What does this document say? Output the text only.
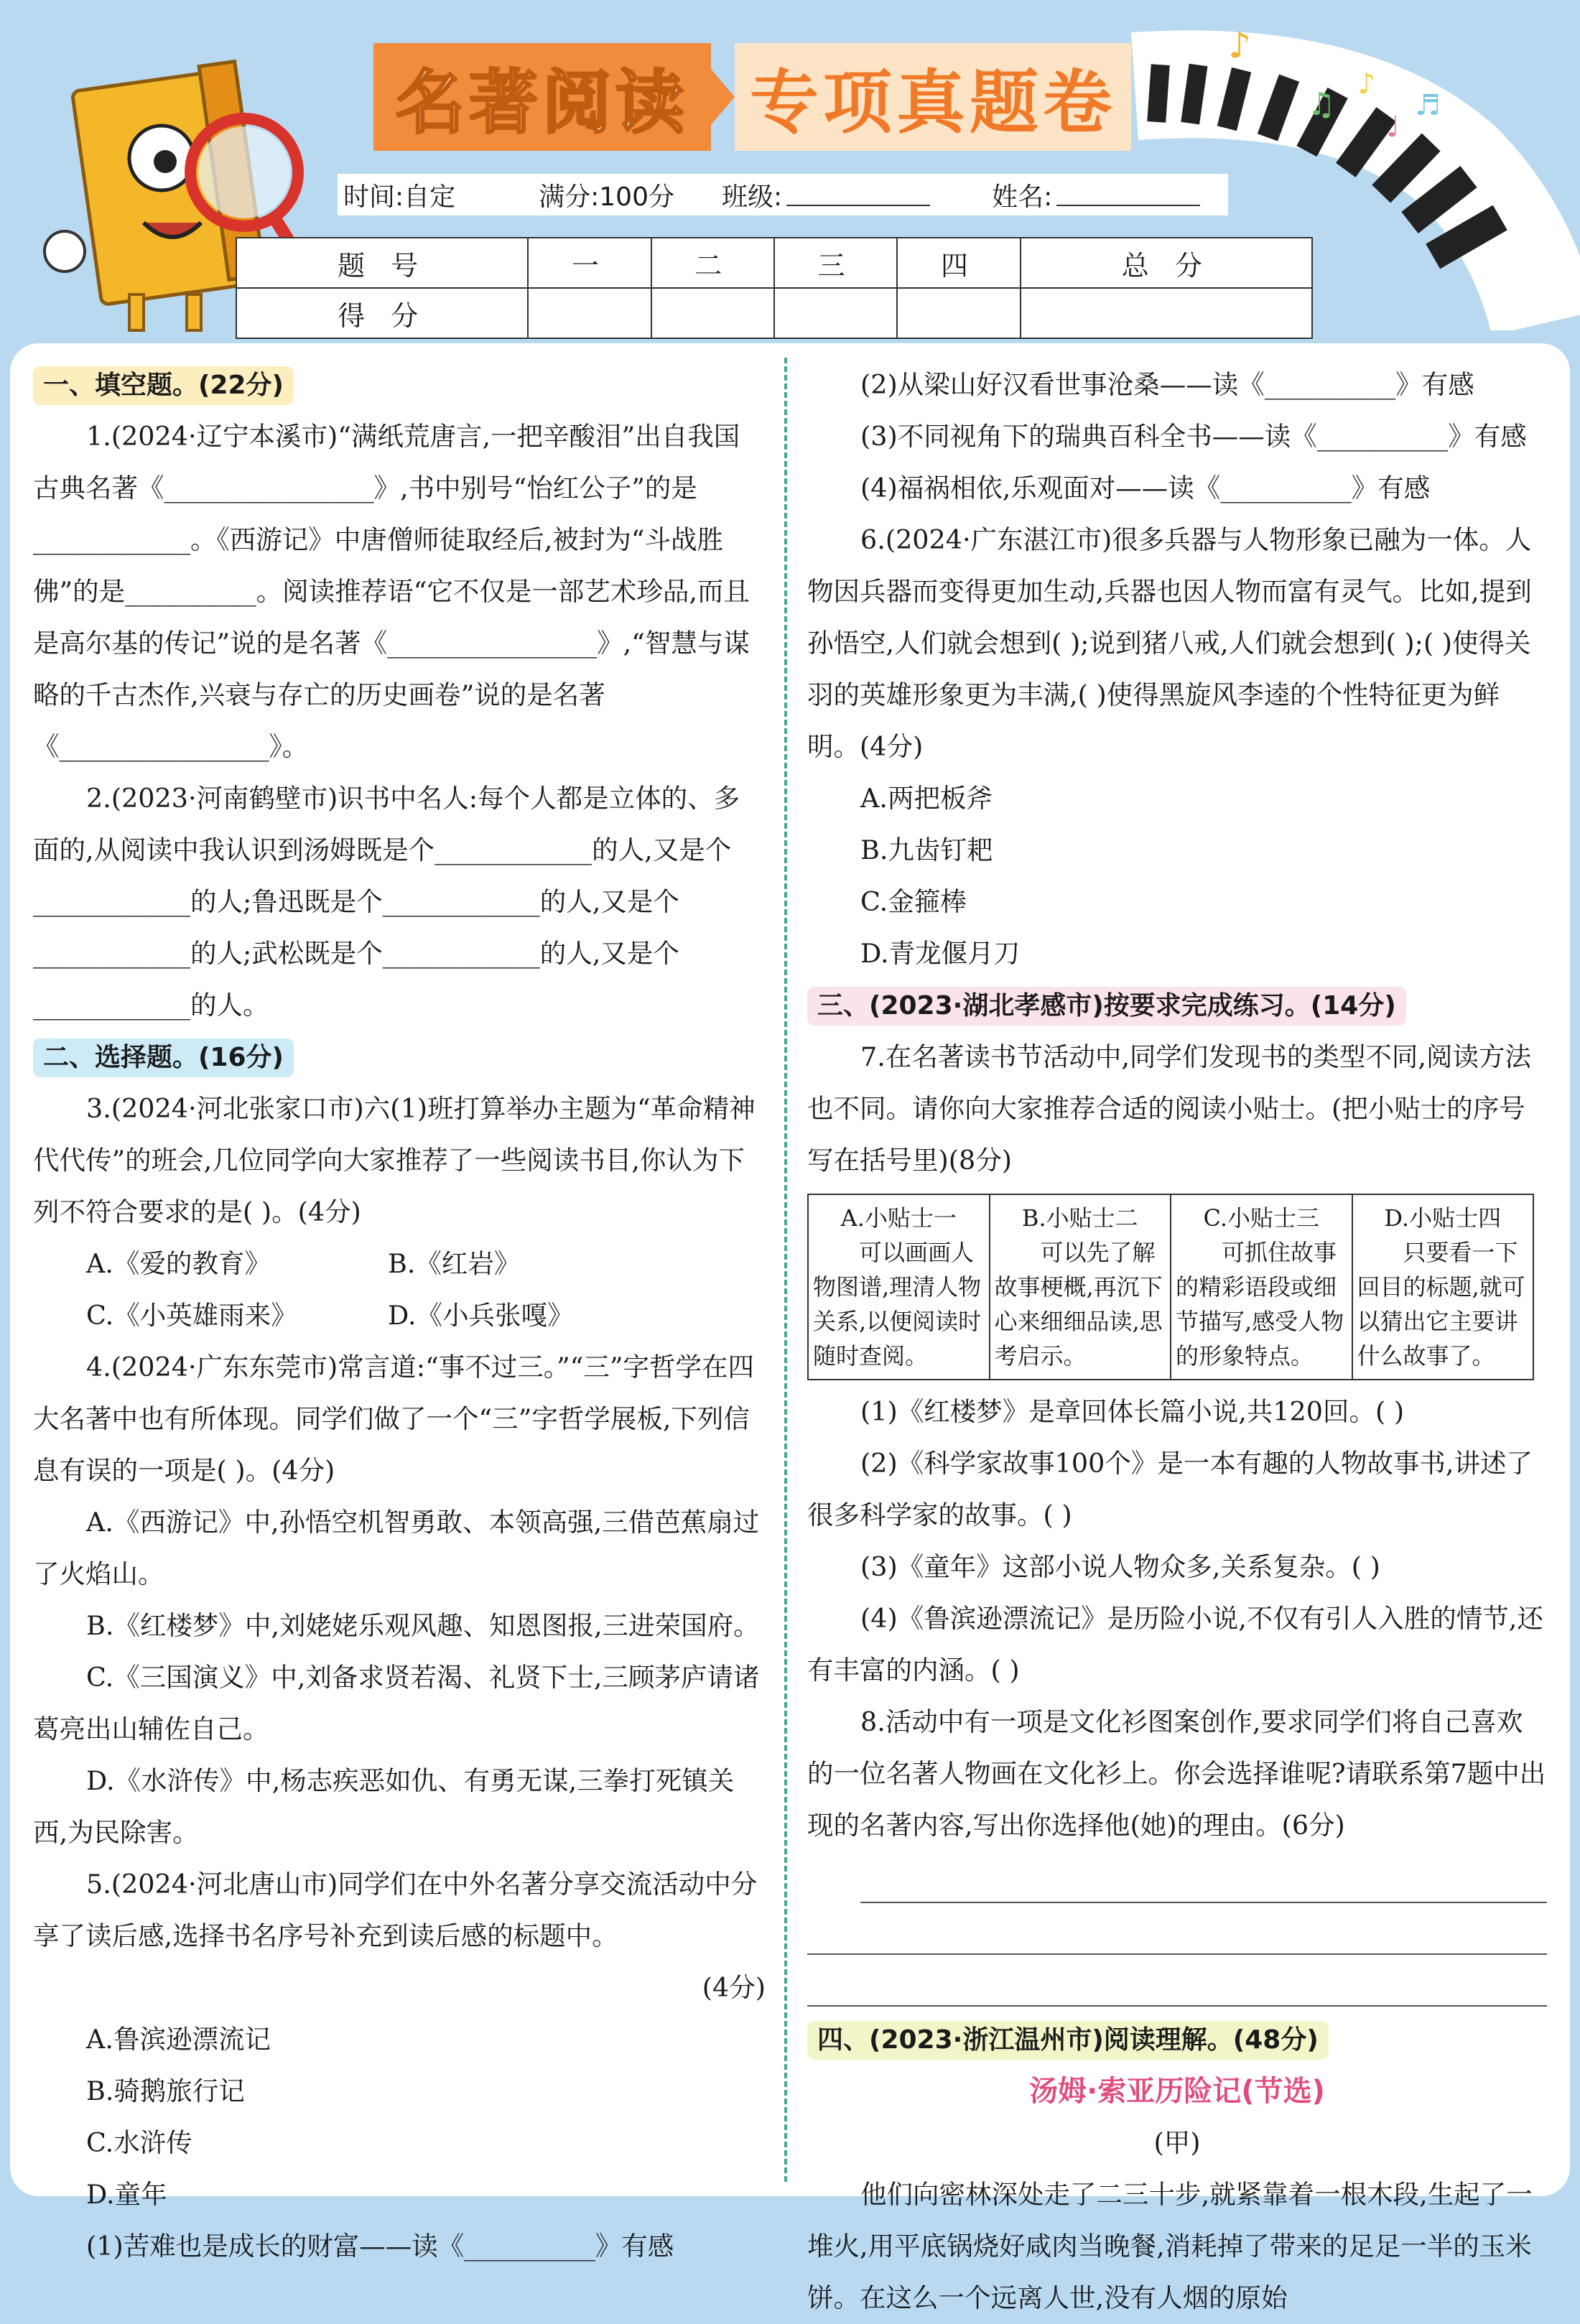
名著阅读 专项真题卷
♪
♫
♪
♩
♬
时间:自定	满分:100分 班级:	姓名:
题 号	一	二	三	四	总 分
得 分					
一、填空题。(22分)

1.(2024·辽宁本溪市)“满纸荒唐言,一把辛酸泪”出自我国古典名著《________________》,书中别号“怡红公子”的是____________。《西游记》中唐僧师徒取经后,被封为“斗战胜佛”的是__________。阅读推荐语“它不仅是一部艺术珍品,而且是高尔基的传记”说的是名著《________________》,“智慧与谋略的千古杰作,兴衰与存亡的历史画卷”说的是名著《________________》。

2.(2023·河南鹤壁市)识书中名人:每个人都是立体的、多面的,从阅读中我认识到汤姆既是个____________的人,又是个____________的人;鲁迅既是个____________的人,又是个____________的人;武松既是个____________的人,又是个____________的人。

二、选择题。(16分)

3.(2024·河北张家口市)六(1)班打算举办主题为“革命精神代代传”的班会,几位同学向大家推荐了一些阅读书目,你认为下列不符合要求的是( )。(4分)

A.《爱的教育》	B.《红岩》
C.《小英雄雨来》	D.《小兵张嘎》

4.(2024·广东东莞市)常言道:“事不过三。”“三”字哲学在四大名著中也有所体现。同学们做了一个“三”字哲学展板,下列信息有误的一项是( )。(4分)

A.《西游记》中,孙悟空机智勇敢、本领高强,三借芭蕉扇过了火焰山。

B.《红楼梦》中,刘姥姥乐观风趣、知恩图报,三进荣国府。

C.《三国演义》中,刘备求贤若渴、礼贤下士,三顾茅庐请诸葛亮出山辅佐自己。

D.《水浒传》中,杨志疾恶如仇、有勇无谋,三拳打死镇关西,为民除害。

5.(2024·河北唐山市)同学们在中外名著分享交流活动中分享了读后感,选择书名序号补充到读后感的标题中。

(4分)

A.鲁滨逊漂流记
B.骑鹅旅行记
C.水浒传
D.童年

(1)苦难也是成长的财富——读《__________》有感

(2)从梁山好汉看世事沧桑——读《__________》有感

(3)不同视角下的瑞典百科全书——读《__________》有感

(4)福祸相依,乐观面对——读《__________》有感

6.(2024·广东湛江市)很多兵器与人物形象已融为一体。人物因兵器而变得更加生动,兵器也因人物而富有灵气。比如,提到孙悟空,人们就会想到( );说到猪八戒,人们就会想到( );( )使得关羽的英雄形象更为丰满,( )使得黑旋风李逵的个性特征更为鲜明。(4分)

A.两把板斧
B.九齿钉耙
C.金箍棒
D.青龙偃月刀
三、(2023·湖北孝感市)按要求完成练习。(14分)

7.在名著读书节活动中,同学们发现书的类型不同,阅读方法也不同。请你向大家推荐合适的阅读小贴士。(把小贴士的序号写在括号里)(8分)

A.小贴士一
可以画画人物图谱,理清人物关系,以便阅读时随时查阅。

B.小贴士二
可以先了解故事梗概,再沉下心来细细品读,思考启示。

C.小贴士三
可抓住故事的精彩语段或细节描写,感受人物的形象特点。

D.小贴士四
只要看一下回目的标题,就可以猜出它主要讲什么故事了。

(1)《红楼梦》是章回体长篇小说,共120回。( )

(2)《科学家故事100个》是一本有趣的人物故事书,讲述了很多科学家的故事。( )

(3)《童年》这部小说人物众多,关系复杂。( )

(4)《鲁滨逊漂流记》是历险小说,不仅有引人入胜的情节,还有丰富的内涵。( )

8.活动中有一项是文化衫图案创作,要求同学们将自己喜欢的一位名著人物画在文化衫上。你会选择谁呢?请联系第7题中出现的名著内容,写出你选择他(她)的理由。(6分)

四、(2023·浙江温州市)阅读理解。(48分)

汤姆·索亚历险记(节选)

(甲)

他们向密林深处走了二三十步,就紧靠着一根木段,生起了一堆火,用平底锅烧好咸肉当晚餐,消耗掉了带来的足足一半的玉米饼。在这么一个远离人世,没有人烟的原始
